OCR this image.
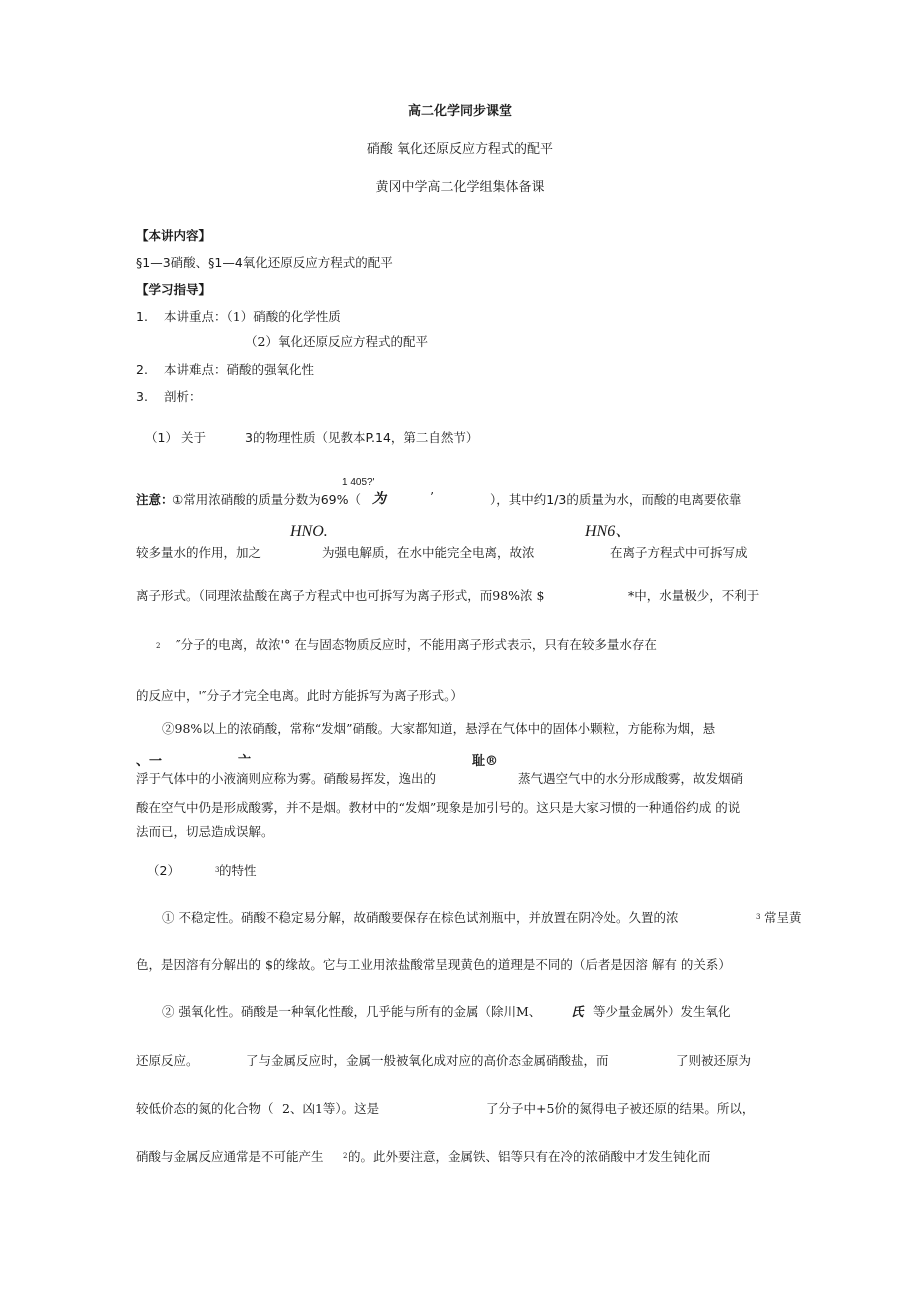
高二化学同步课堂
硝酸 氧化还原反应方程式的配平
黄冈中学高二化学组集体备课
【本讲内容】
§1—3硝酸、§1—4氧化还原反应方程式的配平
【学习指导】
1. 本讲重点：（1）硝酸的化学性质
（2）氧化还原反应方程式的配平
2. 本讲难点：硝酸的强氧化性
3. 剖析：
（1） 关于	3的物理性质（见教本P.14，第二自然节）
1 405?'
注意：
①常用浓硝酸的质量分数为69%（ 为	’	），其中约1/3的质量为水，而酸的电离要依靠
HNO.	HN6、
较多量水的作用，加之	为强电解质，在水中能完全电离，故浓	在离子方程式中可拆写成
离子形式。（同理浓盐酸在离子方程式中也可拆写为离子形式，而98%浓 $	*中，水量极少，不利于
2 ″分子的电离，故浓'° 在与固态物质反应时，不能用离子形式表示，只有在较多量水存在
的反应中，'″分子才完全电离。此时方能拆写为离子形式。）
②98%以上的浓硝酸，常称“发烟”硝酸。大家都知道，悬浮在气体中的固体小颗粒，方能称为烟，悬
、一	亠	耻®
浮于气体中的小液滴则应称为雾。硝酸易挥发，逸出的	蒸气遇空气中的水分形成酸雾，故发烟硝
酸在空气中仍是形成酸雾，并不是烟。教材中的“发烟”现象是加引号的。这只是大家习惯的一种通俗约成 的说
法而已，切忌造成误解。
（2）	3 的特性
① 不稳定性。硝酸不稳定易分解，故硝酸要保存在棕色试剂瓶中，并放置在阴冷处。久置的浓	3 常呈黄
色，是因溶有分解出的 $的缘故。它与工业用浓盐酸常呈现黄色的道理是不同的（后者是因溶 解有 的关系）
② 强氧化性。硝酸是一种氧化性酸，几乎能与所有的金属（除川M、 氏 等少量金属外）发生氧化
还原反应。	了与金属反应时，金属一般被氧化成对应的高价态金属硝酸盐，而	了则被还原为
较低价态的氮的化合物（ 2、凶1等）。这是	了分子中+5价的氮得电子被还原的结果。所以，
硝酸与金属反应通常是不可能产生	2 的。此外要注意，金属铁、铝等只有在冷的浓硝酸中才发生钝化而
